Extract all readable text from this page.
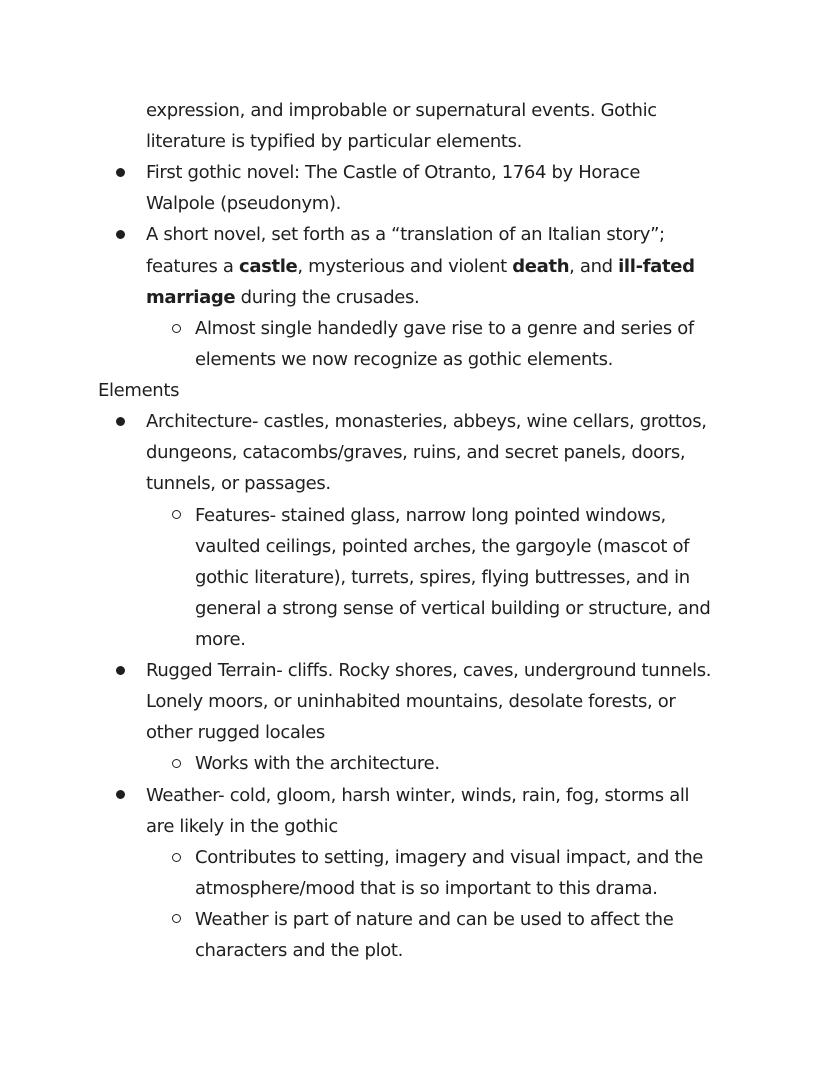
expression, and improbable or supernatural events. Gothic
literature is typified by particular elements.
First gothic novel: The Castle of Otranto, 1764 by Horace
Walpole (pseudonym).
A short novel, set forth as a “translation of an Italian story”;
features a castle, mysterious and violent death, and ill-fated
marriage during the crusades.
Almost single handedly gave rise to a genre and series of
elements we now recognize as gothic elements.
Elements
Architecture- castles, monasteries, abbeys, wine cellars, grottos,
dungeons, catacombs/graves, ruins, and secret panels, doors,
tunnels, or passages.
Features- stained glass, narrow long pointed windows,
vaulted ceilings, pointed arches, the gargoyle (mascot of
gothic literature), turrets, spires, flying buttresses, and in
general a strong sense of vertical building or structure, and
more.
Rugged Terrain- cliffs. Rocky shores, caves, underground tunnels.
Lonely moors, or uninhabited mountains, desolate forests, or
other rugged locales
Works with the architecture.
Weather- cold, gloom, harsh winter, winds, rain, fog, storms all
are likely in the gothic
Contributes to setting, imagery and visual impact, and the
atmosphere/mood that is so important to this drama.
Weather is part of nature and can be used to affect the
characters and the plot.
